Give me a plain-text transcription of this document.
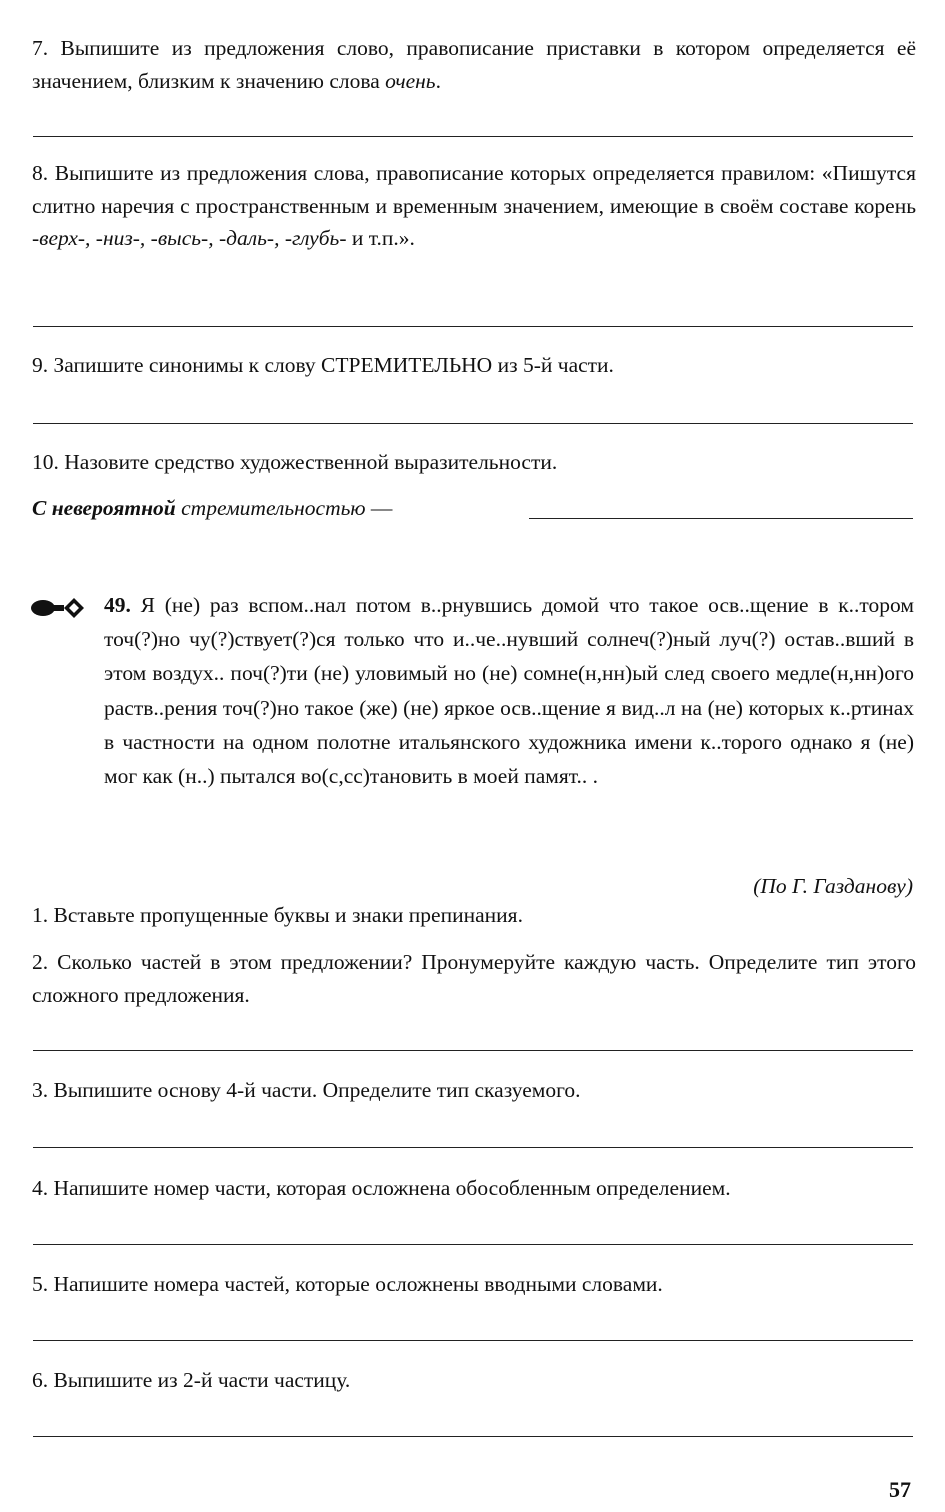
7. Выпишите из предложения слово, правописание приставки в котором определяется её значением, близким к значению слова очень.

8. Выпишите из предложения слова, правописание которых определяется правилом: «Пишутся слитно наречия с пространственным и временным значением, имеющие в своём составе корень -верх-, -низ-, -высь-, -даль-, -глубь- и т.п.».

9. Запишите синонимы к слову СТРЕМИТЕЛЬНО из 5-й части.

10. Назовите средство художественной выразительности.

С невероятной стремительностью —

49. Я (не) раз вспом..нал потом в..рнувшись домой что такое осв..щение в к..тором точ(?)но чу(?)ствует(?)ся только что и..че..нувший солнеч(?)ный луч(?) остав..вший в этом воздух.. поч(?)ти (не) уловимый но (не) сомне(н,нн)ый след своего медле(н,нн)ого раств..рения точ(?)но такое (же) (не) яркое осв..щение я вид..л на (не) которых к..ртинах в частности на одном полотне итальянского художника имени к..торого однако я (не) мог как (н..) пытался во(с,сс)тановить в моей памят.. .
(По Г. Газданову)

1. Вставьте пропущенные буквы и знаки препинания.

2. Сколько частей в этом предложении? Пронумеруйте каждую часть. Определите тип этого сложного предложения.

3. Выпишите основу 4-й части. Определите тип сказуемого.

4. Напишите номер части, которая осложнена обособленным определением.

5. Напишите номера частей, которые осложнены вводными словами.

6. Выпишите из 2-й части частицу.

57
